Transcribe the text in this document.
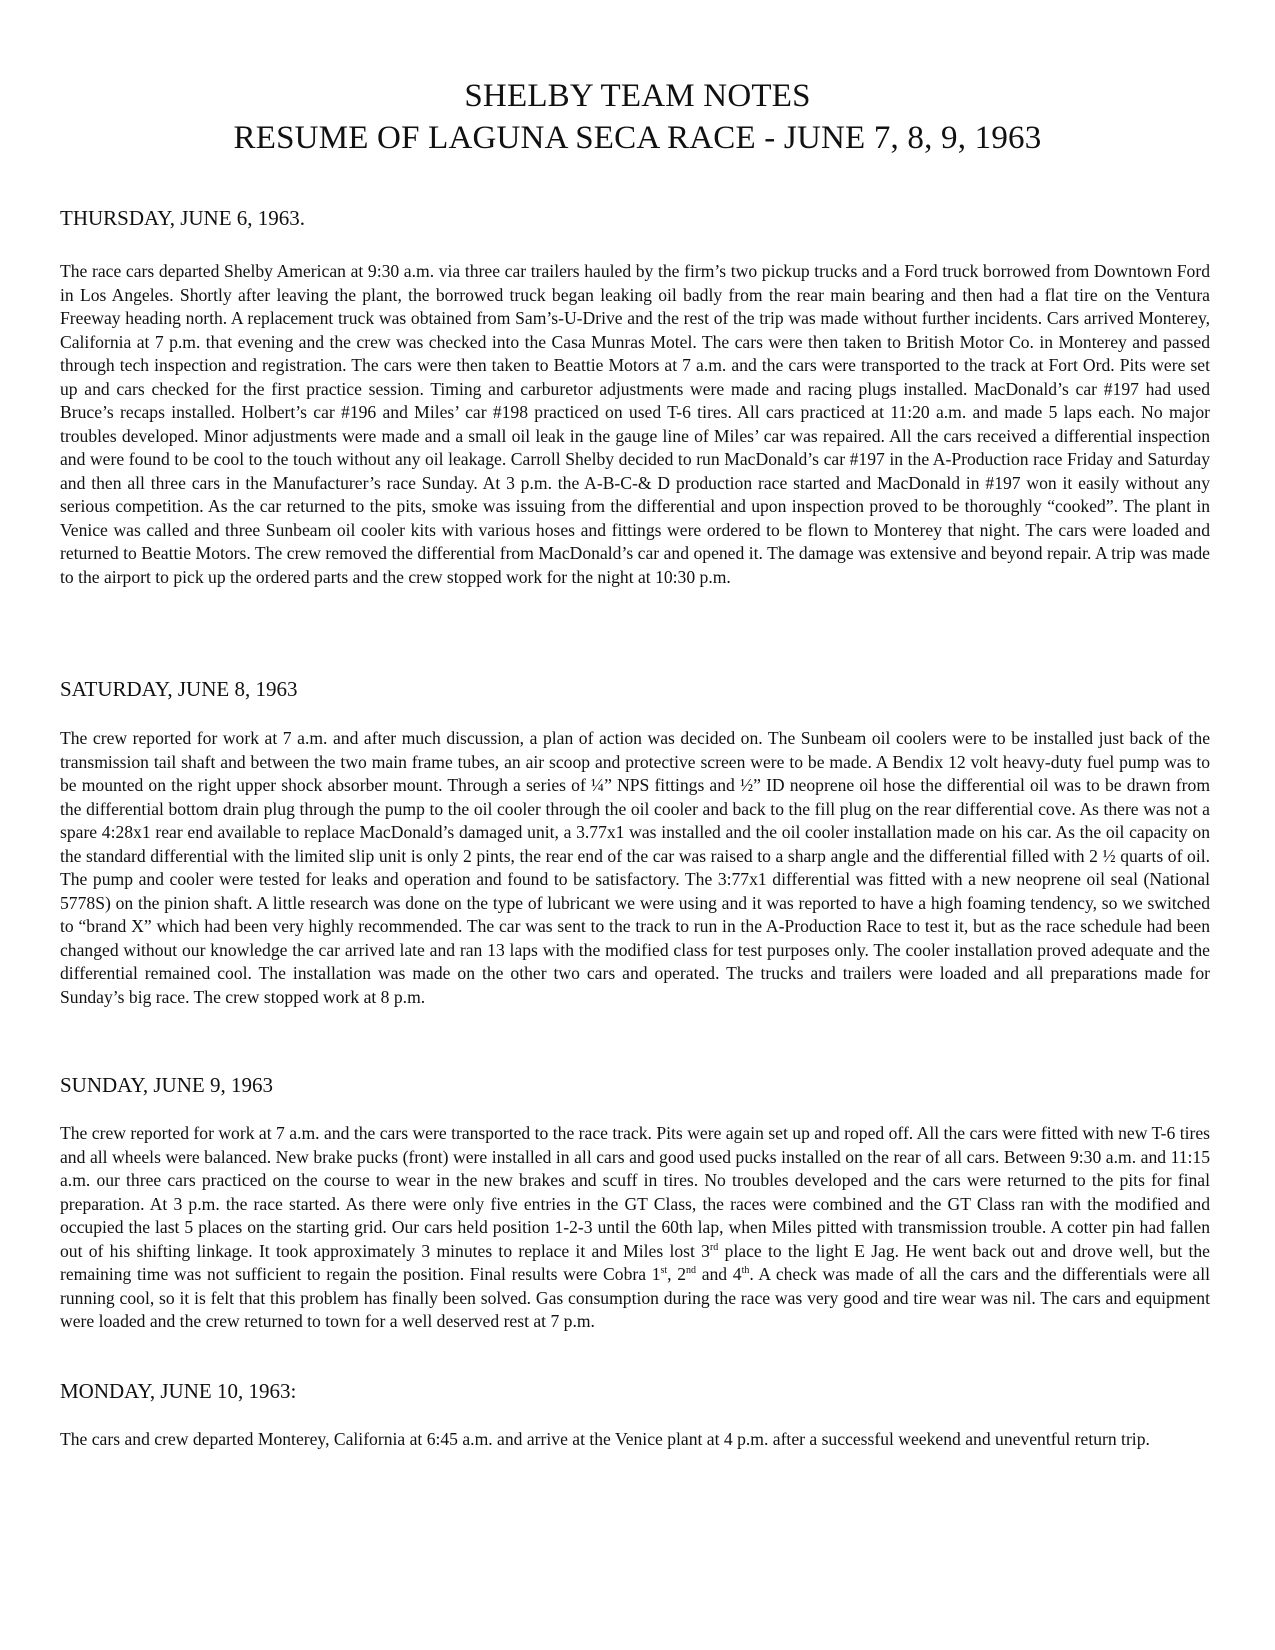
SHELBY TEAM NOTES
RESUME OF LAGUNA SECA RACE - JUNE 7, 8, 9, 1963

THURSDAY, JUNE 6, 1963.

The race cars departed Shelby American at 9:30 a.m. via three car trailers hauled by the firm’s two pickup trucks and a Ford truck borrowed from Downtown Ford in Los Angeles. Shortly after leaving the plant, the borrowed truck began leaking oil badly from the rear main bearing and then had a flat tire on the Ventura Freeway heading north. A replacement truck was obtained from Sam’s-U-Drive and the rest of the trip was made without further incidents. Cars arrived Monterey, California at 7 p.m. that evening and the crew was checked into the Casa Munras Motel. The cars were then taken to British Motor Co. in Monterey and passed through tech inspection and registration. The cars were then taken to Beattie Motors at 7 a.m. and the cars were transported to the track at Fort Ord. Pits were set up and cars checked for the first practice session. Timing and carburetor adjustments were made and racing plugs installed. MacDonald’s car #197 had used Bruce’s recaps installed. Holbert’s car #196 and Miles’ car #198 practiced on used T-6 tires. All cars practiced at 11:20 a.m. and made 5 laps each. No major troubles developed. Minor adjustments were made and a small oil leak in the gauge line of Miles’ car was repaired. All the cars received a differential inspection and were found to be cool to the touch without any oil leakage. Carroll Shelby decided to run MacDonald’s car #197 in the A-Production race Friday and Saturday and then all three cars in the Manufacturer’s race Sunday. At 3 p.m. the A-B-C-& D production race started and MacDonald in #197 won it easily without any serious competition. As the car returned to the pits, smoke was issuing from the differential and upon inspection proved to be thoroughly “cooked”. The plant in Venice was called and three Sunbeam oil cooler kits with various hoses and fittings were ordered to be flown to Monterey that night. The cars were loaded and returned to Beattie Motors. The crew removed the differential from MacDonald’s car and opened it. The damage was extensive and beyond repair. A trip was made to the airport to pick up the ordered parts and the crew stopped work for the night at 10:30 p.m.

SATURDAY, JUNE 8, 1963

The crew reported for work at 7 a.m. and after much discussion, a plan of action was decided on. The Sunbeam oil coolers were to be installed just back of the transmission tail shaft and between the two main frame tubes, an air scoop and protective screen were to be made. A Bendix 12 volt heavy-duty fuel pump was to be mounted on the right upper shock absorber mount. Through a series of ¼” NPS fittings and ½” ID neoprene oil hose the differential oil was to be drawn from the differential bottom drain plug through the pump to the oil cooler through the oil cooler and back to the fill plug on the rear differential cove. As there was not a spare 4:28x1 rear end available to replace MacDonald’s damaged unit, a 3.77x1 was installed and the oil cooler installation made on his car. As the oil capacity on the standard differential with the limited slip unit is only 2 pints, the rear end of the car was raised to a sharp angle and the differential filled with 2 ½ quarts of oil. The pump and cooler were tested for leaks and operation and found to be satisfactory. The 3:77x1 differential was fitted with a new neoprene oil seal (National 5778S) on the pinion shaft. A little research was done on the type of lubricant we were using and it was reported to have a high foaming tendency, so we switched to “brand X” which had been very highly recommended. The car was sent to the track to run in the A-Production Race to test it, but as the race schedule had been changed without our knowledge the car arrived late and ran 13 laps with the modified class for test purposes only. The cooler installation proved adequate and the differential remained cool. The installation was made on the other two cars and operated. The trucks and trailers were loaded and all preparations made for Sunday’s big race. The crew stopped work at 8 p.m.

SUNDAY, JUNE 9, 1963

The crew reported for work at 7 a.m. and the cars were transported to the race track. Pits were again set up and roped off. All the cars were fitted with new T-6 tires and all wheels were balanced. New brake pucks (front) were installed in all cars and good used pucks installed on the rear of all cars. Between 9:30 a.m. and 11:15 a.m. our three cars practiced on the course to wear in the new brakes and scuff in tires. No troubles developed and the cars were returned to the pits for final preparation. At 3 p.m. the race started. As there were only five entries in the GT Class, the races were combined and the GT Class ran with the modified and occupied the last 5 places on the starting grid. Our cars held position 1-2-3 until the 60th lap, when Miles pitted with transmission trouble. A cotter pin had fallen out of his shifting linkage. It took approximately 3 minutes to replace it and Miles lost 3rd place to the light E Jag. He went back out and drove well, but the remaining time was not sufficient to regain the position. Final results were Cobra 1st, 2nd and 4th. A check was made of all the cars and the differentials were all running cool, so it is felt that this problem has finally been solved. Gas consumption during the race was very good and tire wear was nil. The cars and equipment were loaded and the crew returned to town for a well deserved rest at 7 p.m.

MONDAY, JUNE 10, 1963:

The cars and crew departed Monterey, California at 6:45 a.m. and arrive at the Venice plant at 4 p.m. after a successful weekend and uneventful return trip.
